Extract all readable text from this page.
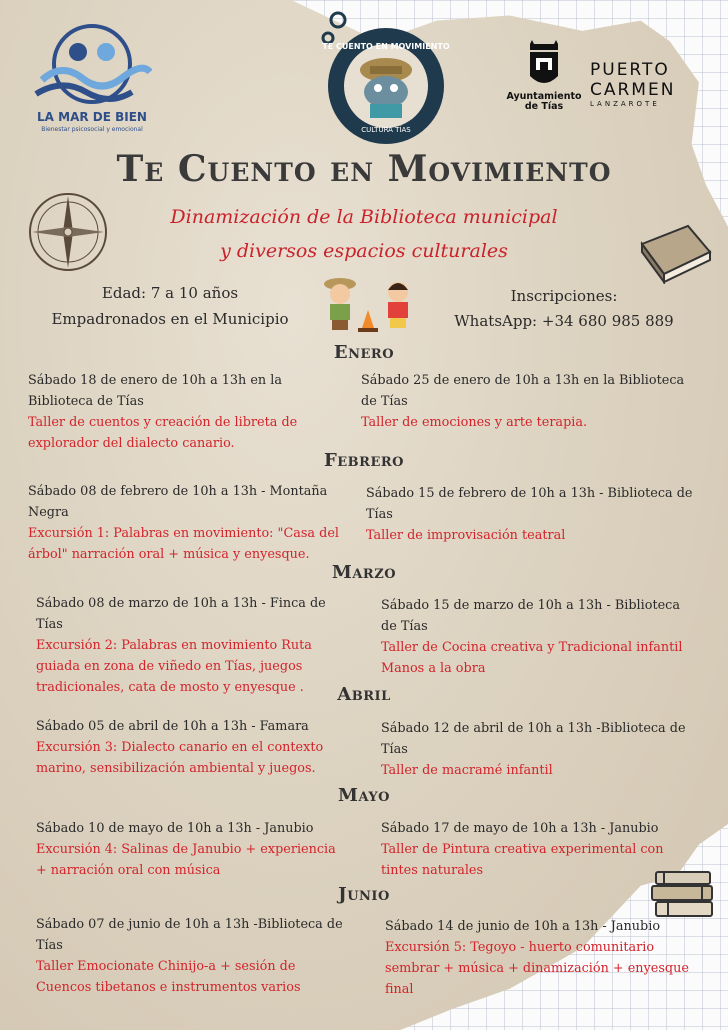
LA MAR DE BIEN
Bienestar psicosocial y emocional
TE CUENTO EN MOVIMIENTO
CULTURA TÍAS
Ayuntamiento
de Tías
PUERTO
CARMEN
LANZAROTE
Te Cuento en Movimiento
Dinamización de la Biblioteca municipal
y diversos espacios culturales
Edad: 7 a 10 años
Empadronados en el Municipio
Inscripciones:
WhatsApp: +34 680 985 889
Enero
Sábado 18 de enero de 10h a 13h en la Biblioteca de Tías
Taller de cuentos y creación de libreta de explorador del dialecto canario.
Sábado 25 de enero de 10h a 13h en la Biblioteca de Tías
Taller de emociones y arte terapia.
Febrero
Sábado 08 de febrero de 10h a 13h - Montaña Negra
Excursión 1: Palabras en movimiento: "Casa del árbol" narración oral + música y enyesque.
Sábado 15 de febrero de 10h a 13h - Biblioteca de Tías
Taller de improvisación teatral
Marzo
Sábado 08 de marzo de 10h a 13h - Finca de Tías
Excursión 2: Palabras en movimiento Ruta guiada en zona de viñedo en Tías, juegos tradicionales, cata de mosto y enyesque .
Sábado 15 de marzo de 10h a 13h - Biblioteca de Tías
Taller de Cocina creativa y Tradicional infantil Manos a la obra
Abril
Sábado 05 de abril de 10h a 13h - Famara
Excursión 3: Dialecto canario en el contexto marino, sensibilización ambiental y juegos.
Sábado 12 de abril de 10h a 13h -Biblioteca de Tías
Taller de macramé infantil
Mayo
Sábado 10 de mayo de 10h a 13h - Janubio
Excursión 4: Salinas de Janubio + experiencia + narración oral con música
Sábado 17 de mayo de 10h a 13h - Janubio
Taller de Pintura creativa experimental con tintes naturales
Junio
Sábado 07 de junio de 10h a 13h -Biblioteca de Tías
Taller Emocionate Chinijo-a + sesión de Cuencos tibetanos e instrumentos varios
Sábado 14 de junio de 10h a 13h - Janubio
Excursión 5: Tegoyo - huerto comunitario sembrar + música + dinamización + enyesque final
